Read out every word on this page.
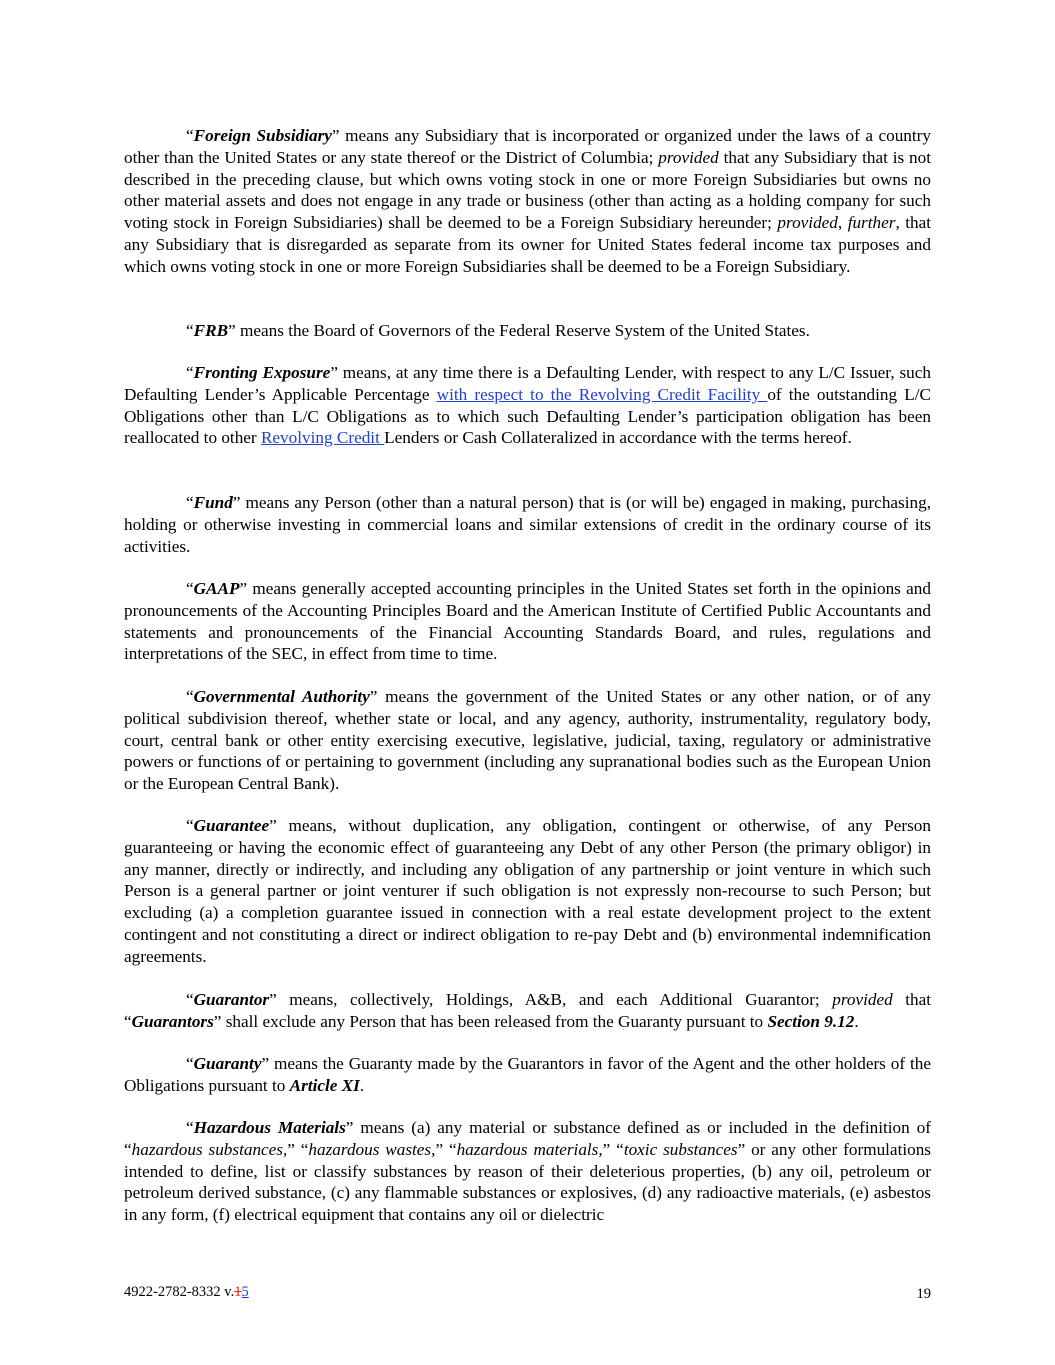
“Foreign Subsidiary” means any Subsidiary that is incorporated or organized under the laws of a country other than the United States or any state thereof or the District of Columbia; provided that any Subsidiary that is not described in the preceding clause, but which owns voting stock in one or more Foreign Subsidiaries but owns no other material assets and does not engage in any trade or business (other than acting as a holding company for such voting stock in Foreign Subsidiaries) shall be deemed to be a Foreign Subsidiary hereunder; provided, further, that any Subsidiary that is disregarded as separate from its owner for United States federal income tax purposes and which owns voting stock in one or more Foreign Subsidiaries shall be deemed to be a Foreign Subsidiary.

“FRB” means the Board of Governors of the Federal Reserve System of the United States.

“Fronting Exposure” means, at any time there is a Defaulting Lender, with respect to any L/C Issuer, such Defaulting Lender’s Applicable Percentage with respect to the Revolving Credit Facility of the outstanding L/C Obligations other than L/C Obligations as to which such Defaulting Lender’s participation obligation has been reallocated to other Revolving Credit Lenders or Cash Collateralized in accordance with the terms hereof.

“Fund” means any Person (other than a natural person) that is (or will be) engaged in making, purchasing, holding or otherwise investing in commercial loans and similar extensions of credit in the ordinary course of its activities.

“GAAP” means generally accepted accounting principles in the United States set forth in the opinions and pronouncements of the Accounting Principles Board and the American Institute of Certified Public Accountants and statements and pronouncements of the Financial Accounting Standards Board, and rules, regulations and interpretations of the SEC, in effect from time to time.

“Governmental Authority” means the government of the United States or any other nation, or of any political subdivision thereof, whether state or local, and any agency, authority, instrumentality, regulatory body, court, central bank or other entity exercising executive, legislative, judicial, taxing, regulatory or administrative powers or functions of or pertaining to government (including any supranational bodies such as the European Union or the European Central Bank).

“Guarantee” means, without duplication, any obligation, contingent or otherwise, of any Person guaranteeing or having the economic effect of guaranteeing any Debt of any other Person (the primary obligor) in any manner, directly or indirectly, and including any obligation of any partnership or joint venture in which such Person is a general partner or joint venturer if such obligation is not expressly non-recourse to such Person; but excluding (a) a completion guarantee issued in connection with a real estate development project to the extent contingent and not constituting a direct or indirect obligation to re-pay Debt and (b) environmental indemnification agreements.

“Guarantor” means, collectively, Holdings, A&B, and each Additional Guarantor; provided that “Guarantors” shall exclude any Person that has been released from the Guaranty pursuant to Section 9.12.

“Guaranty” means the Guaranty made by the Guarantors in favor of the Agent and the other holders of the Obligations pursuant to Article XI.

“Hazardous Materials” means (a) any material or substance defined as or included in the definition of “hazardous substances,” “hazardous wastes,” “hazardous materials,” “toxic substances” or any other formulations intended to define, list or classify substances by reason of their deleterious properties, (b) any oil, petroleum or petroleum derived substance, (c) any flammable substances or explosives, (d) any radioactive materials, (e) asbestos in any form, (f) electrical equipment that contains any oil or dielectric

4922-2782-8332 v.15	19
